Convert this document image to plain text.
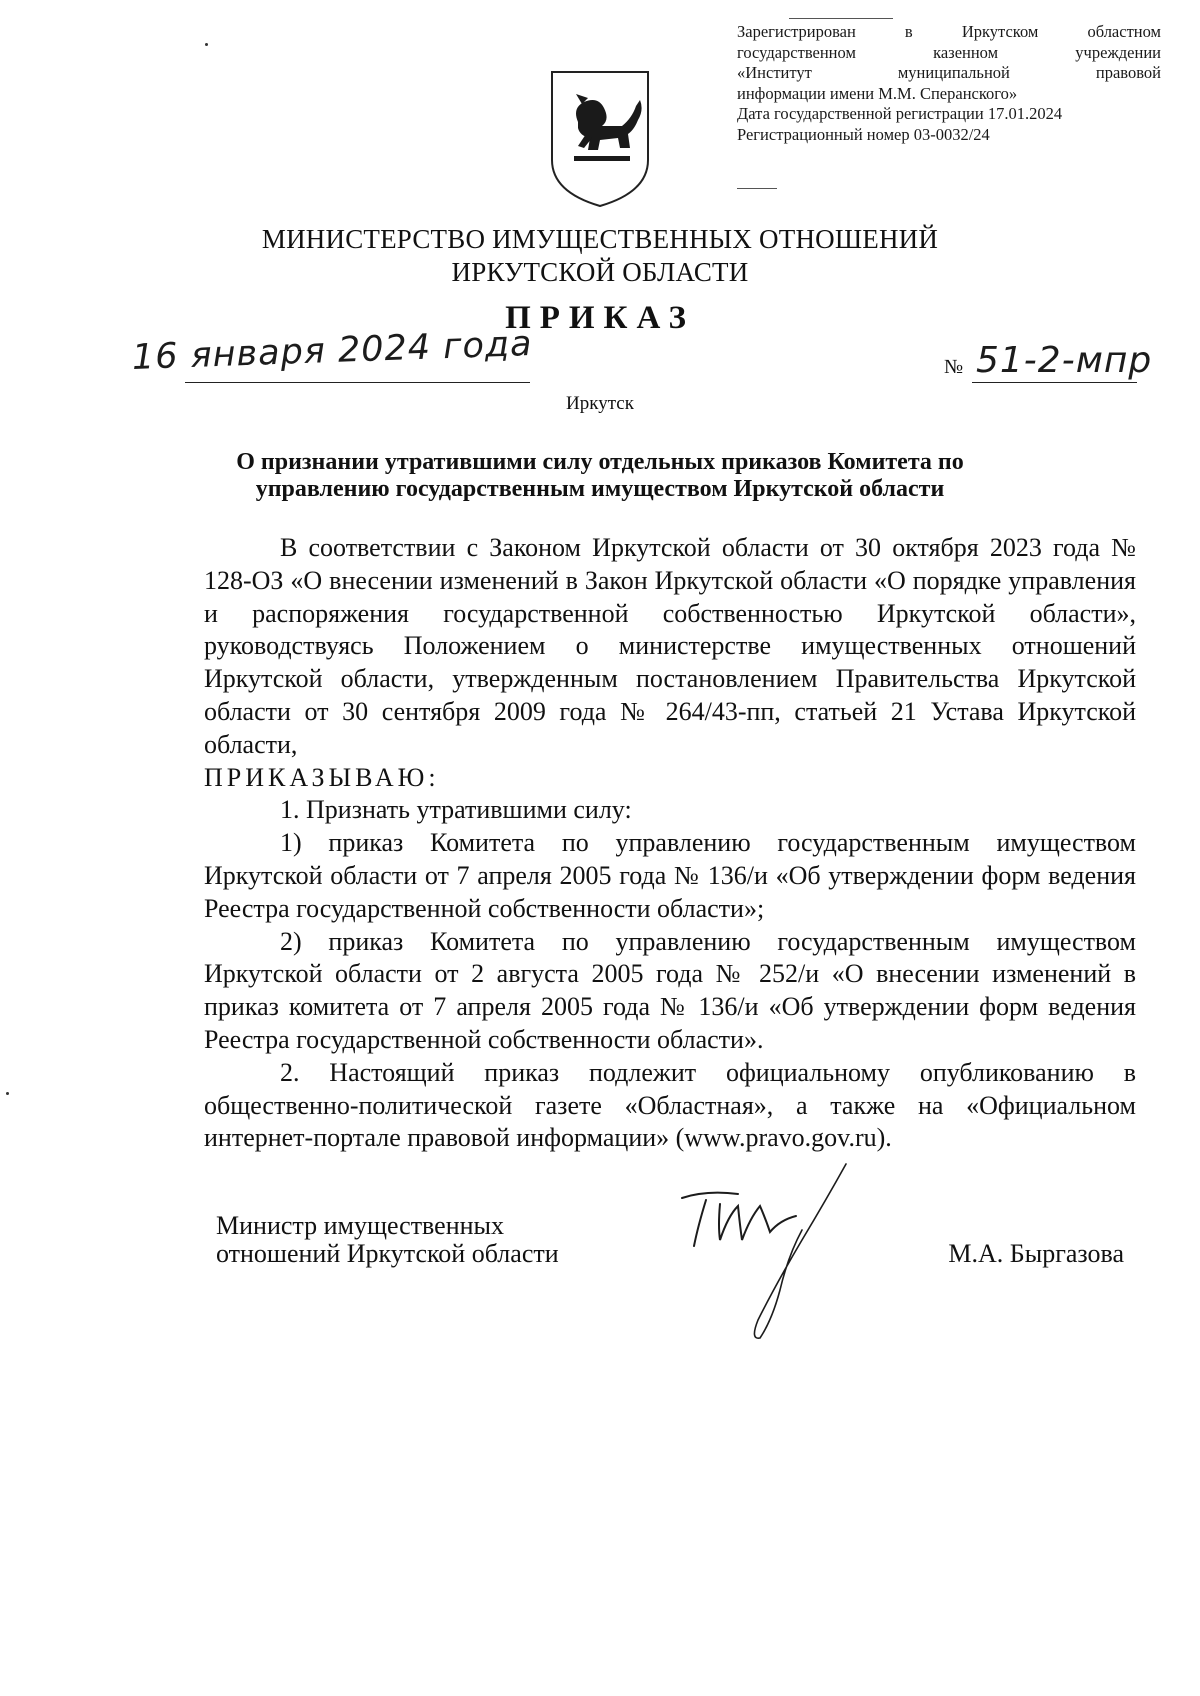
Зарегистрирован в Иркутском областном
государственном казенном учреждении
«Институт муниципальной правовой
информации имени М.М. Сперанского»
Дата государственной регистрации 17.01.2024
Регистрационный номер 03-0032/24
МИНИСТЕРСТВО ИМУЩЕСТВЕННЫХ ОТНОШЕНИЙ
ИРКУТСКОЙ ОБЛАСТИ
ПРИКАЗ
16 января 2024 года	№ 51-2-мпр
Иркутск
О признании утратившими силу отдельных приказов Комитета по
управлению государственным имуществом Иркутской области

В соответствии с Законом Иркутской области от 30 октября 2023 года № 128-ОЗ «О внесении изменений в Закон Иркутской области «О порядке управления и распоряжения государственной собственностью Иркутской области», руководствуясь Положением о министерстве имущественных отношений Иркутской области, утвержденным постановлением Правительства Иркутской области от 30 сентября 2009 года № 264/43-пп, статьей 21 Устава Иркутской области,

ПРИКАЗЫВАЮ:

1. Признать утратившими силу:

1) приказ Комитета по управлению государственным имуществом Иркутской области от 7 апреля 2005 года № 136/и «Об утверждении форм ведения Реестра государственной собственности области»;

2) приказ Комитета по управлению государственным имуществом Иркутской области от 2 августа 2005 года № 252/и «О внесении изменений в приказ комитета от 7 апреля 2005 года № 136/и «Об утверждении форм ведения Реестра государственной собственности области».

2. Настоящий приказ подлежит официальному опубликованию в общественно-политической газете «Областная», а также на «Официальном интернет-портале правовой информации» (www.pravo.gov.ru).

Министр имущественных
отношений Иркутской области	М.А. Быргазова
